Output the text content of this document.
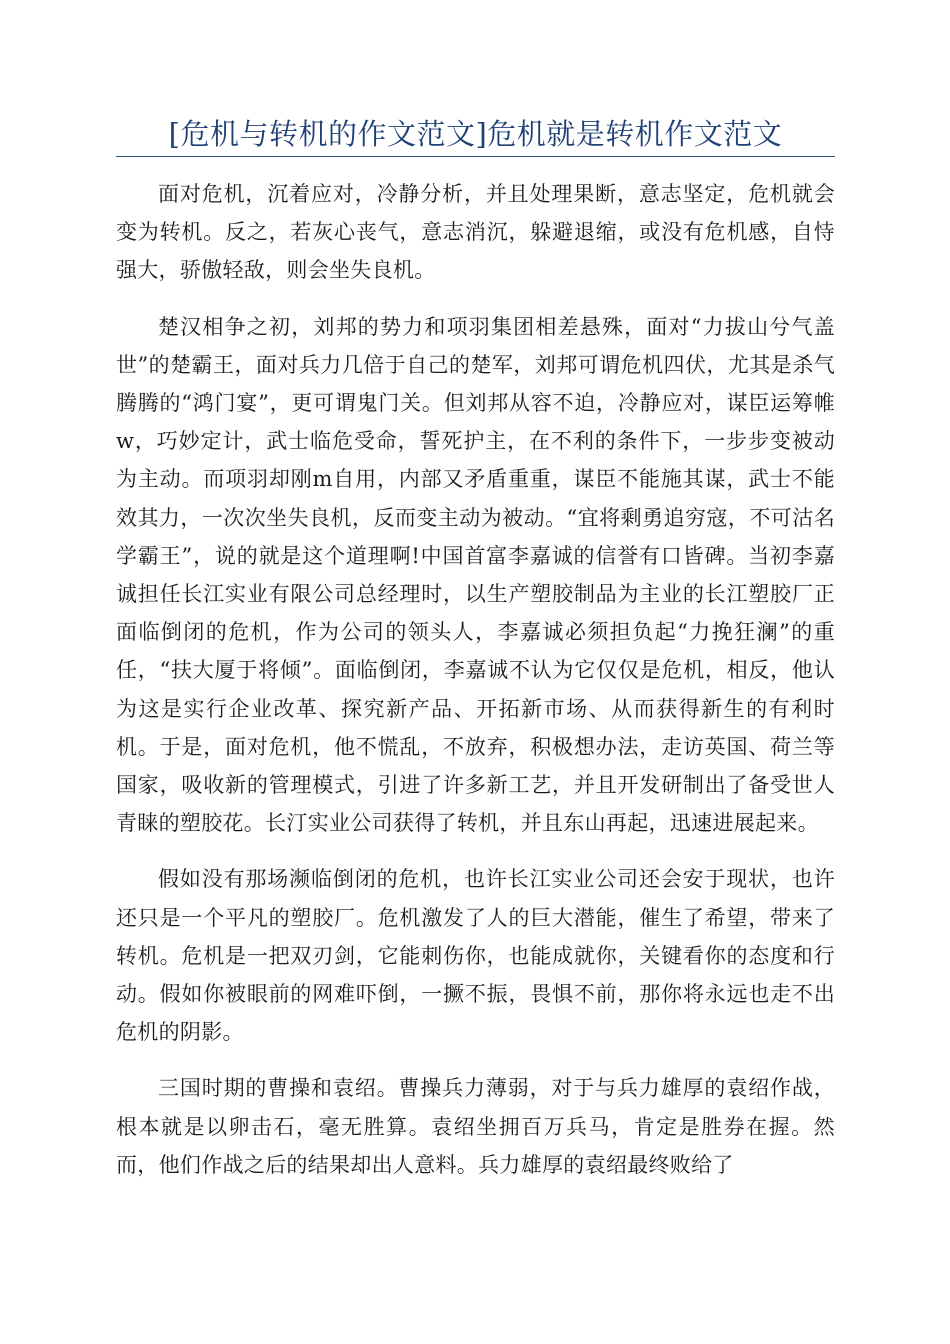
[危机与转机的作文范文]危机就是转机作文范文

面对危机，沉着应对，冷静分析，并且处理果断，意志坚定，危机就会变为转机。反之，若灰心丧气，意志消沉，躲避退缩，或没有危机感，自恃强大，骄傲轻敌，则会坐失良机。

楚汉相争之初，刘邦的势力和项羽集团相差悬殊，面对“力拔山兮气盖世”的楚霸王，面对兵力几倍于自己的楚军，刘邦可谓危机四伏，尤其是杀气腾腾的“鸿门宴”，更可谓鬼门关。但刘邦从容不迫，冷静应对，谋臣运筹帷w，巧妙定计，武士临危受命，誓死护主，在不利的条件下，一步步变被动为主动。而项羽却刚m自用，内部又矛盾重重，谋臣不能施其谋，武士不能效其力，一次次坐失良机，反而变主动为被动。“宜将剩勇追穷寇，不可沽名学霸王”，说的就是这个道理啊!中国首富李嘉诚的信誉有口皆碑。当初李嘉诚担任长江实业有限公司总经理时，以生产塑胶制品为主业的长江塑胶厂正面临倒闭的危机，作为公司的领头人，李嘉诚必须担负起“力挽狂澜”的重任，“扶大厦于将倾”。面临倒闭，李嘉诚不认为它仅仅是危机，相反，他认为这是实行企业改革、探究新产品、开拓新市场、从而获得新生的有利时机。于是，面对危机，他不慌乱，不放弃，积极想办法，走访英国、荷兰等国家，吸收新的管理模式，引进了许多新工艺，并且开发研制出了备受世人青睐的塑胶花。长汀实业公司获得了转机，并且东山再起，迅速进展起来。

假如没有那场濒临倒闭的危机，也许长江实业公司还会安于现状，也许还只是一个平凡的塑胶厂。危机激发了人的巨大潜能，催生了希望，带来了转机。危机是一把双刃剑，它能刺伤你，也能成就你，关键看你的态度和行动。假如你被眼前的网难吓倒，一撅不振，畏惧不前，那你将永远也走不出危机的阴影。

三国时期的曹操和袁绍。曹操兵力薄弱，对于与兵力雄厚的袁绍作战，根本就是以卵击石，毫无胜算。袁绍坐拥百万兵马，肯定是胜券在握。然而，他们作战之后的结果却出人意料。兵力雄厚的袁绍最终败给了
